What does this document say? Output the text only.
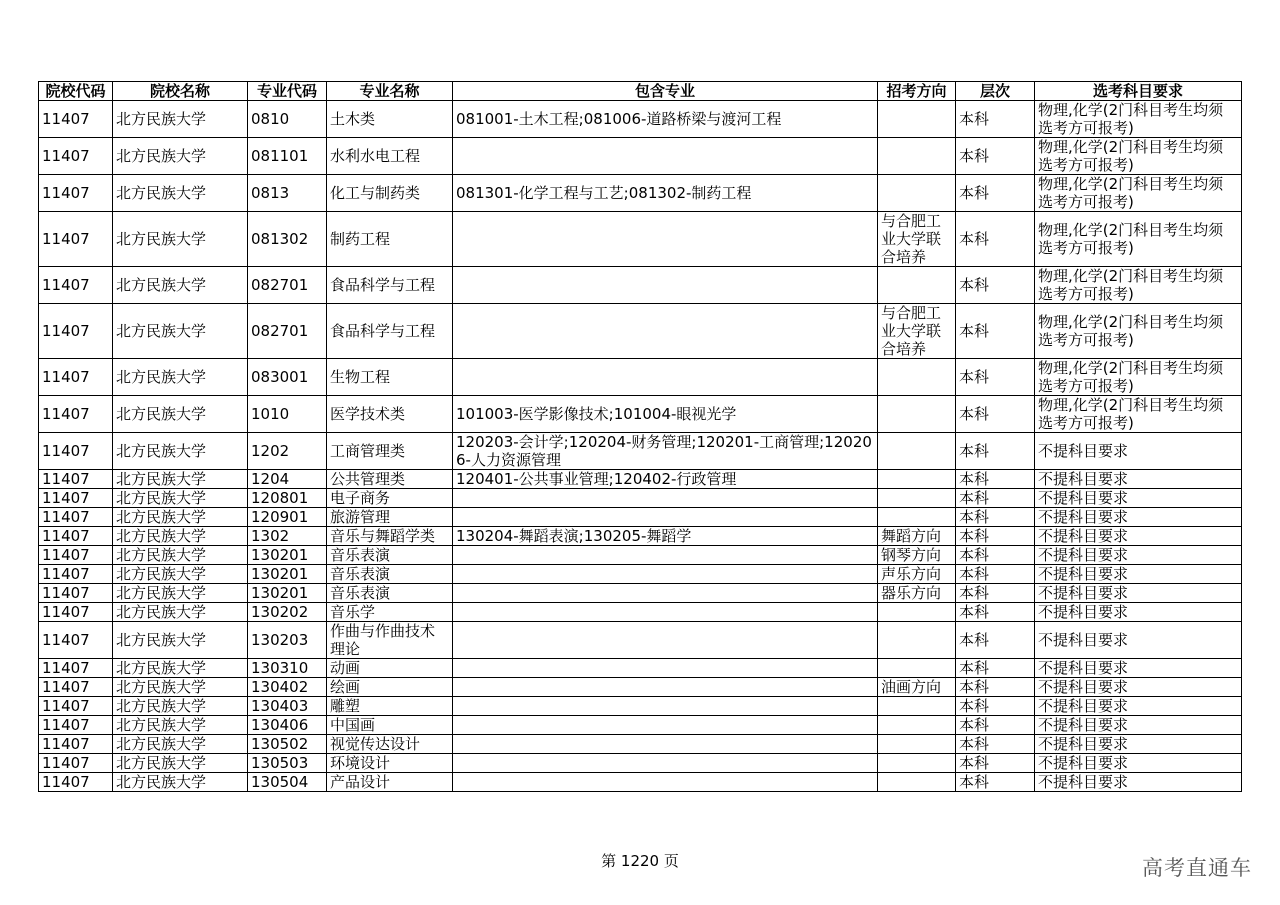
院校代码	院校名称	专业代码	专业名称	包含专业	招考方向	层次	选考科目要求
11407	北方民族大学	0810	土木类	081001-土木工程;081006-道路桥梁与渡河工程		本科	物理,化学(2门科目考生均须选考方可报考)
11407	北方民族大学	081101	水利水电工程			本科	物理,化学(2门科目考生均须选考方可报考)
11407	北方民族大学	0813	化工与制药类	081301-化学工程与工艺;081302-制药工程		本科	物理,化学(2门科目考生均须选考方可报考)
11407	北方民族大学	081302	制药工程		与合肥工业大学联合培养	本科	物理,化学(2门科目考生均须选考方可报考)
11407	北方民族大学	082701	食品科学与工程			本科	物理,化学(2门科目考生均须选考方可报考)
11407	北方民族大学	082701	食品科学与工程		与合肥工业大学联合培养	本科	物理,化学(2门科目考生均须选考方可报考)
11407	北方民族大学	083001	生物工程			本科	物理,化学(2门科目考生均须选考方可报考)
11407	北方民族大学	1010	医学技术类	101003-医学影像技术;101004-眼视光学		本科	物理,化学(2门科目考生均须选考方可报考)
11407	北方民族大学	1202	工商管理类	120203-会计学;120204-财务管理;120201-工商管理;120206-人力资源管理		本科	不提科目要求
11407	北方民族大学	1204	公共管理类	120401-公共事业管理;120402-行政管理		本科	不提科目要求
11407	北方民族大学	120801	电子商务			本科	不提科目要求
11407	北方民族大学	120901	旅游管理			本科	不提科目要求
11407	北方民族大学	1302	音乐与舞蹈学类	130204-舞蹈表演;130205-舞蹈学	舞蹈方向	本科	不提科目要求
11407	北方民族大学	130201	音乐表演		钢琴方向	本科	不提科目要求
11407	北方民族大学	130201	音乐表演		声乐方向	本科	不提科目要求
11407	北方民族大学	130201	音乐表演		器乐方向	本科	不提科目要求
11407	北方民族大学	130202	音乐学			本科	不提科目要求
11407	北方民族大学	130203	作曲与作曲技术理论			本科	不提科目要求
11407	北方民族大学	130310	动画			本科	不提科目要求
11407	北方民族大学	130402	绘画		油画方向	本科	不提科目要求
11407	北方民族大学	130403	雕塑			本科	不提科目要求
11407	北方民族大学	130406	中国画			本科	不提科目要求
11407	北方民族大学	130502	视觉传达设计			本科	不提科目要求
11407	北方民族大学	130503	环境设计			本科	不提科目要求
11407	北方民族大学	130504	产品设计			本科	不提科目要求
第 1220 页	高考直通车
